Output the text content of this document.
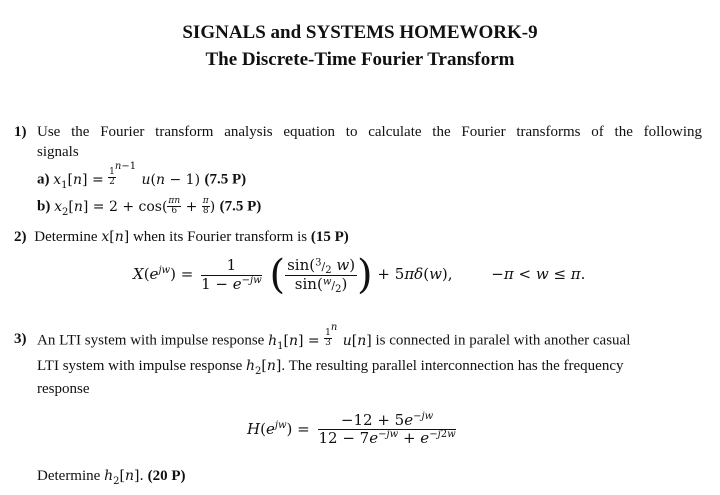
SIGNALS and SYSTEMS HOMEWORK-9
The Discrete-Time Fourier Transform
1) Use the Fourier transform analysis equation to calculate the Fourier transforms of the following
signals
a) $x_1[n] = \frac{1}{2}$
$^{n-1}$ u(n − 1) (7.5 P)
b) $x_2[n] = 2 + \cos( \frac{\pi n}{6} + \frac{\pi}{8}$ ) (7.5 P)
2) Determine x[n] when its Fourier transform is (15 P)
$X(e^{jw}) = \frac{1}{1 - e^{-jw}}$ ( $\frac{\sin(^3/_2 w)}{\sin(^w/_2)}$ ) + 5πδ(w), −π < w ≤ π.
3) An LTI system with impulse response $h_1[n] = \frac{1}{3}$
$^n$ u[n] is connected in paralel with another casual
LTI system with impulse response $h_2[n]$. The resulting parallel interconnection has the frequency
response
$H(e^{jw}) = \frac{-12 + 5e^{-jw}}{12 - 7e^{-jw} + e^{-j2w}}$
Determine $h_2[n]$. (20 P)
